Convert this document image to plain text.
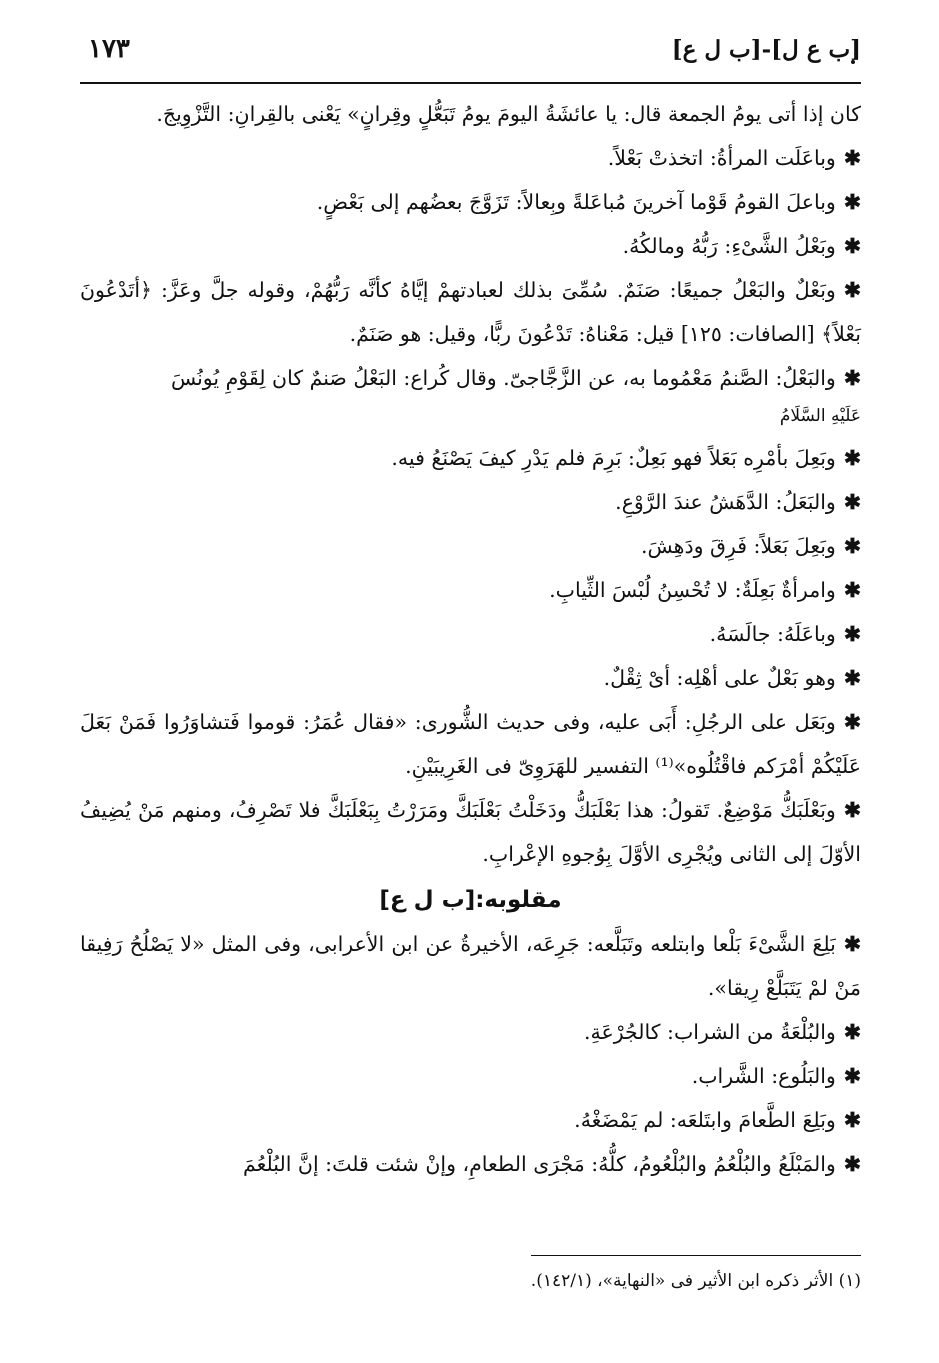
[ب ع ل]-[ب ل ع]
١٧٣

كان إذا أتى يومُ الجمعة قال: يا عائشَةُ اليومَ يومُ تَبَعُّلٍ وقِرانٍ» يَعْنى بالقِرانِ: التَّزْوِيجَ.

✱وباعَلَت المرأةُ: اتخذتْ بَعْلاً.

✱وباعلَ القومُ قَوْما آخرينَ مُباعَلةً وبِعالاً: تَزَوَّجَ بعضُهم إلى بَعْضٍ.

✱وبَعْلُ الشَّىْءِ: رَبُّهُ ومالكُهُ.

✱وبَعْلٌ والبَعْلُ جميعًا: صَنَمٌ. سُمِّىَ بذلك لعبادتهمْ إيَّاهُ كأنَّه رَبُّهُمْ، وقوله جلَّ وعَزَّ: ﴿أتَدْعُونَ بَعْلاً﴾ [الصافات: ١٢٥] قيل: مَعْناهُ: تَدْعُونَ ربًّا، وقيل: هو صَنَمٌ.

✱والبَعْلُ: الصَّنمُ مَعْمُوما به، عن الزَّجَّاجىّ. وقال كُراع: البَعْلُ صَنمٌ كان لِقَوْمِ يُونُسَ
عَلَيْهِ السَّلَامُ

✱وبَعِلَ بأمْرِه بَعَلاً فهو بَعِلٌ: بَرِمَ فلم يَدْرِ كيفَ يَصْنَعُ فيه.

✱والبَعَلُ: الدَّهَشُ عندَ الرَّوْعِ.

✱وبَعِلَ بَعَلاً: فَرِقَ ودَهِشَ.

✱وامرأةٌ بَعِلَةٌ: لا تُحْسِنُ لُبْسَ الثِّيابِ.

✱وباعَلَهُ: جالَسَهُ.

✱وهو بَعْلٌ على أهْلِه: أىْ ثِقْلٌ.

✱وبَعَل على الرجُلِ: أَبَى عليه، وفى حديث الشُّورى: «فقال عُمَرُ: قوموا فَتشاوَرُوا فَمَنْ بَعَلَ عَلَيْكُمْ أمْرَكم فاقْتُلُوه»⁽¹⁾ التفسير للهَرَوِىّ فى الغَرِيبَيْنِ.

✱وبَعْلَبَكُّ مَوْضِعٌ. تَقولُ: هذا بَعْلَبَكُّ ودَخَلْتُ بَعْلَبَكَّ ومَرَرْتُ بِبَعْلَبَكَّ فلا تَصْرِفُ، ومنهم مَنْ يُضِيفُ الأوّلَ إلى الثانى ويُجْرِى الأوَّلَ بِوُجوهِ الإعْرابِ.

مقلوبه:[ب ل ع]

✱بَلِعَ الشَّىْءَ بَلْعا وابتلعه وتَبَلَّعه: جَرِعَه، الأخيرةُ عن ابن الأعرابى، وفى المثل «لا يَصْلُحُ رَفِيقا مَنْ لمْ يَتَبَلَّعْ رِيقا».

✱والبُلْعَةُ من الشراب: كالجُرْعَةِ.

✱والبَلُوع: الشَّراب.

✱وبَلِعَ الطَّعامَ وابتَلعَه: لم يَمْضَغْهُ.

✱والمَبْلَعُ والبُلْعُمُ والبُلْعُومُ، كلُّهُ: مَجْرَى الطعامِ، وإنْ شئت قلتَ: إنَّ البُلْعُمَ

(١) الأثر ذكره ابن الأثير فى «النهاية»، (١٤٢/١).
